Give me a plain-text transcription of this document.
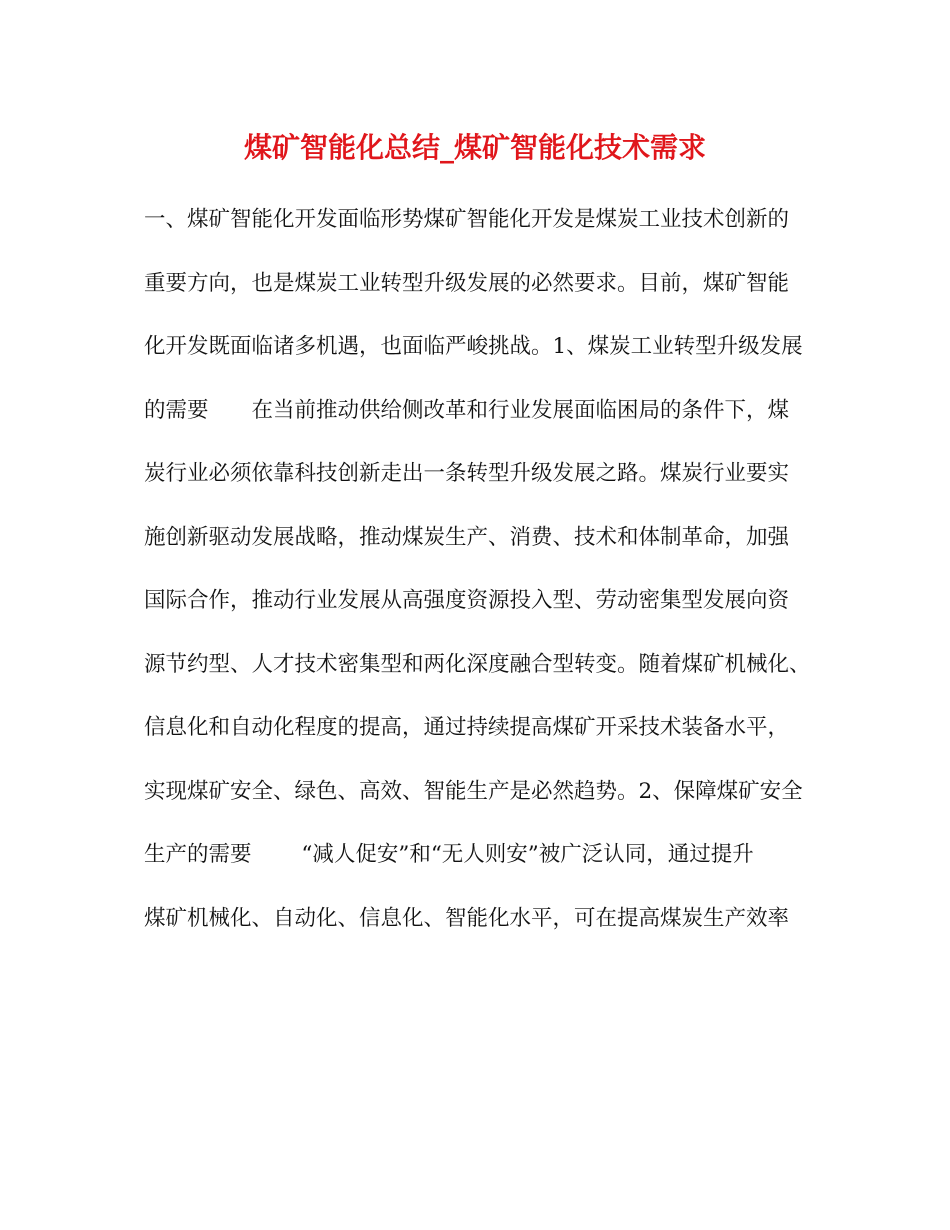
煤矿智能化总结_煤矿智能化技术需求
一、煤矿智能化开发面临形势煤矿智能化开发是煤炭工业技术创新的
重要方向，也是煤炭工业转型升级发展的必然要求。目前，煤矿智能
化开发既面临诸多机遇，也面临严峻挑战。1、煤炭工业转型升级发展
的需要　　在当前推动供给侧改革和行业发展面临困局的条件下，煤
炭行业必须依靠科技创新走出一条转型升级发展之路。煤炭行业要实
施创新驱动发展战略，推动煤炭生产、消费、技术和体制革命，加强
国际合作，推动行业发展从高强度资源投入型、劳动密集型发展向资
源节约型、人才技术密集型和两化深度融合型转变。随着煤矿机械化、
信息化和自动化程度的提高，通过持续提高煤矿开采技术装备水平，
实现煤矿安全、绿色、高效、智能生产是必然趋势。2、保障煤矿安全
生产的需要　　 “减人促安”和“无人则安”被广泛认同，通过提升
煤矿机械化、自动化、信息化、智能化水平，可在提高煤炭生产效率
